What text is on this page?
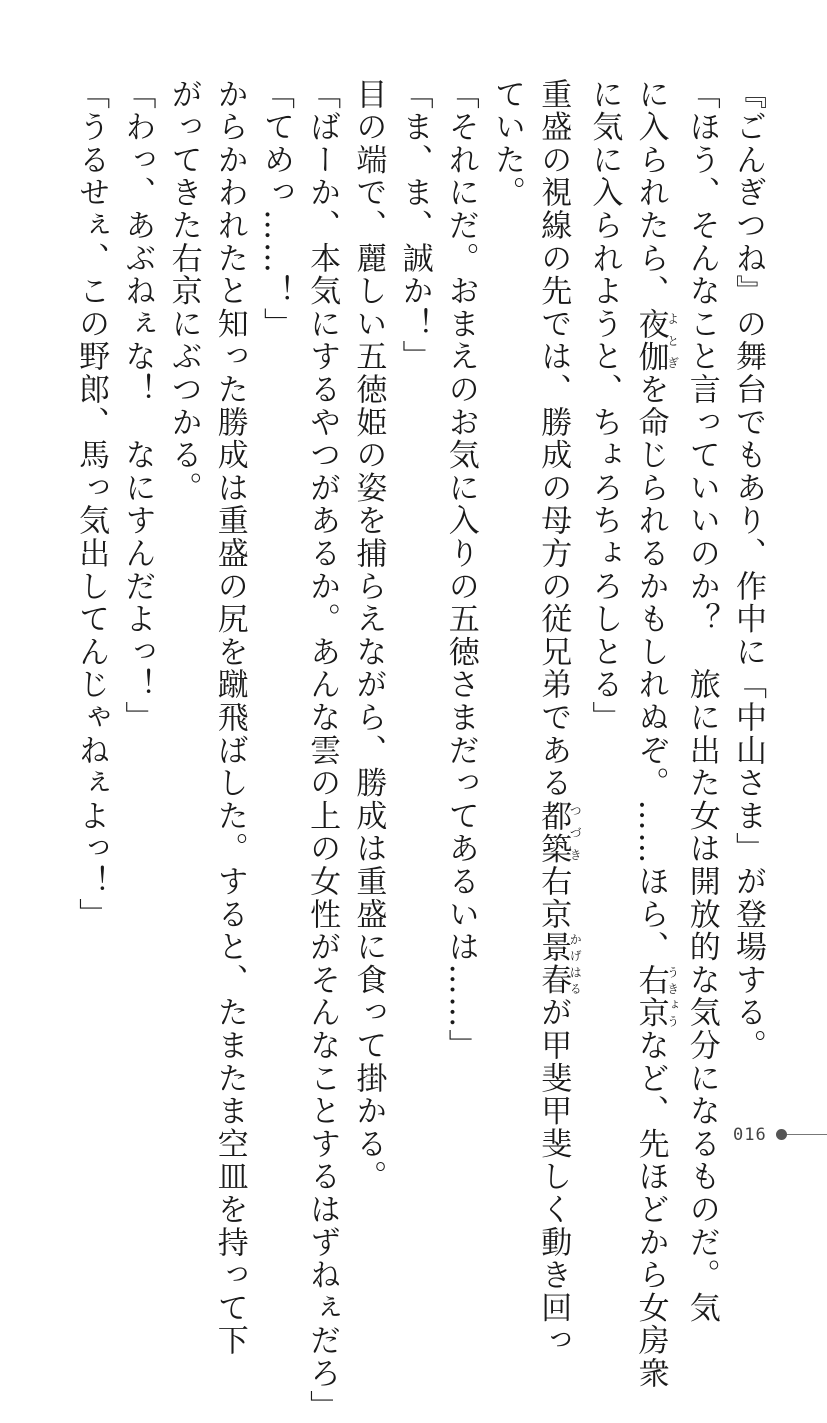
『ごんぎつね』の舞台でもあり、作中に「中山さま」が登場する。

「ほう、そんなこと言っていいのか？　旅に出た女は開放的な気分になるものだ。気

に入られたら、夜伽よとぎを命じられるかもしれぬぞ。……ほら、右京うきょうなど、先ほどから女房衆

に気に入られようと、ちょろちょろしとる」

重盛の視線の先では、勝成の母方の従兄弟である都築つづき右京景春かげはるが甲斐甲斐しく動き回っ

ていた。

「それにだ。おまえのお気に入りの五徳さまだってあるいは……」

「ま、ま、誠か！」

目の端で、麗しい五徳姫の姿を捕らえながら、勝成は重盛に食って掛かる。

「ばーか、本気にするやつがあるか。あんな雲の上の女性がそんなことするはずねぇだろ」

「てめっ……！」

からかわれたと知った勝成は重盛の尻を蹴飛ばした。すると、たまたま空皿を持って下

がってきた右京にぶつかる。

「わっ、あぶねぇな！　なにすんだよっ！」

「うるせぇ、この野郎、馬っ気出してんじゃねぇよっ！」

016
